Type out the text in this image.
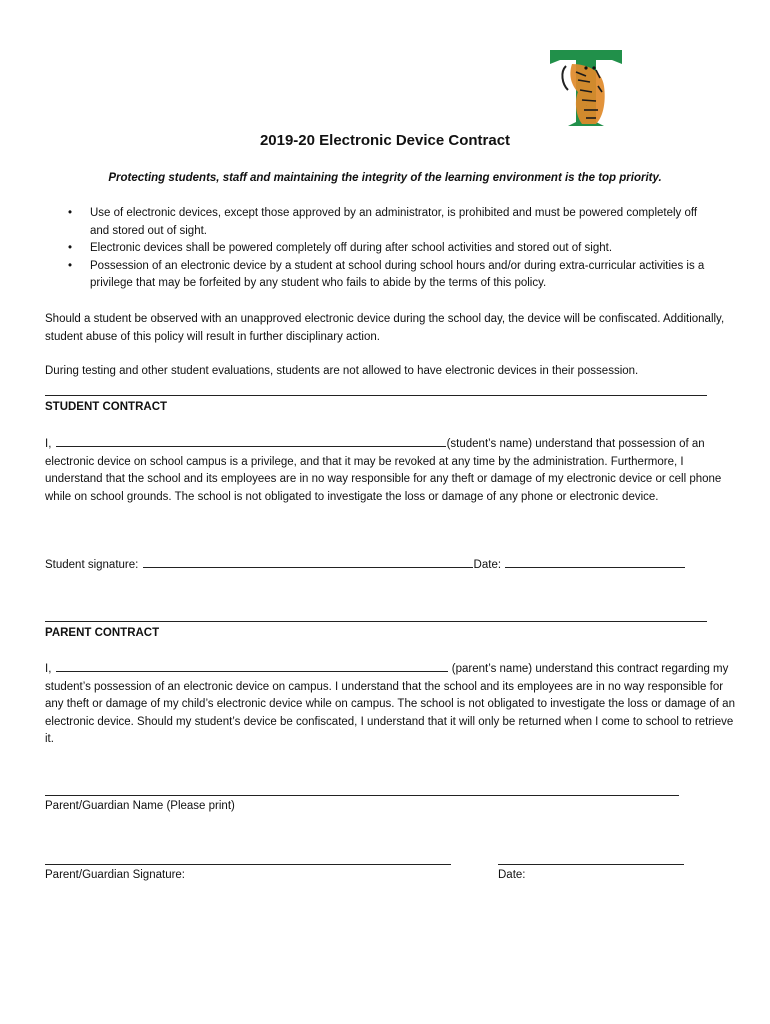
T
2019-20 Electronic Device Contract
Protecting students, staff and maintaining the integrity of the learning environment is the top priority.
• Use of electronic devices, except those approved by an administrator, is prohibited and must be powered completely off and stored out of sight.
• Electronic devices shall be powered completely off during after school activities and stored out of sight.
• Possession of an electronic device by a student at school during school hours and/or during extra-curricular activities is a privilege that may be forfeited by any student who fails to abide by the terms of this policy.
Should a student be observed with an unapproved electronic device during the school day, the device will be confiscated. Additionally, student abuse of this policy will result in further disciplinary action.
During testing and other student evaluations, students are not allowed to have electronic devices in their possession.
STUDENT CONTRACT
I,	(student’s name) understand that possession of an electronic device on school campus is a privilege, and that it may be revoked at any time by the administration. Furthermore, I understand that the school and its employees are in no way responsible for any theft or damage of my electronic device or cell phone while on school grounds. The school is not obligated to investigate the loss or damage of any phone or electronic device.
Student signature:	Date:
PARENT CONTRACT
I,	(parent’s name) understand this contract regarding my student’s possession of an electronic device on campus. I understand that the school and its employees are in no way responsible for any theft or damage of my child’s electronic device while on campus. The school is not obligated to investigate the loss or damage of an electronic device. Should my student’s device be confiscated, I understand that it will only be returned when I come to school to retrieve it.
Parent/Guardian Name (Please print)
Parent/Guardian Signature:	Date:
